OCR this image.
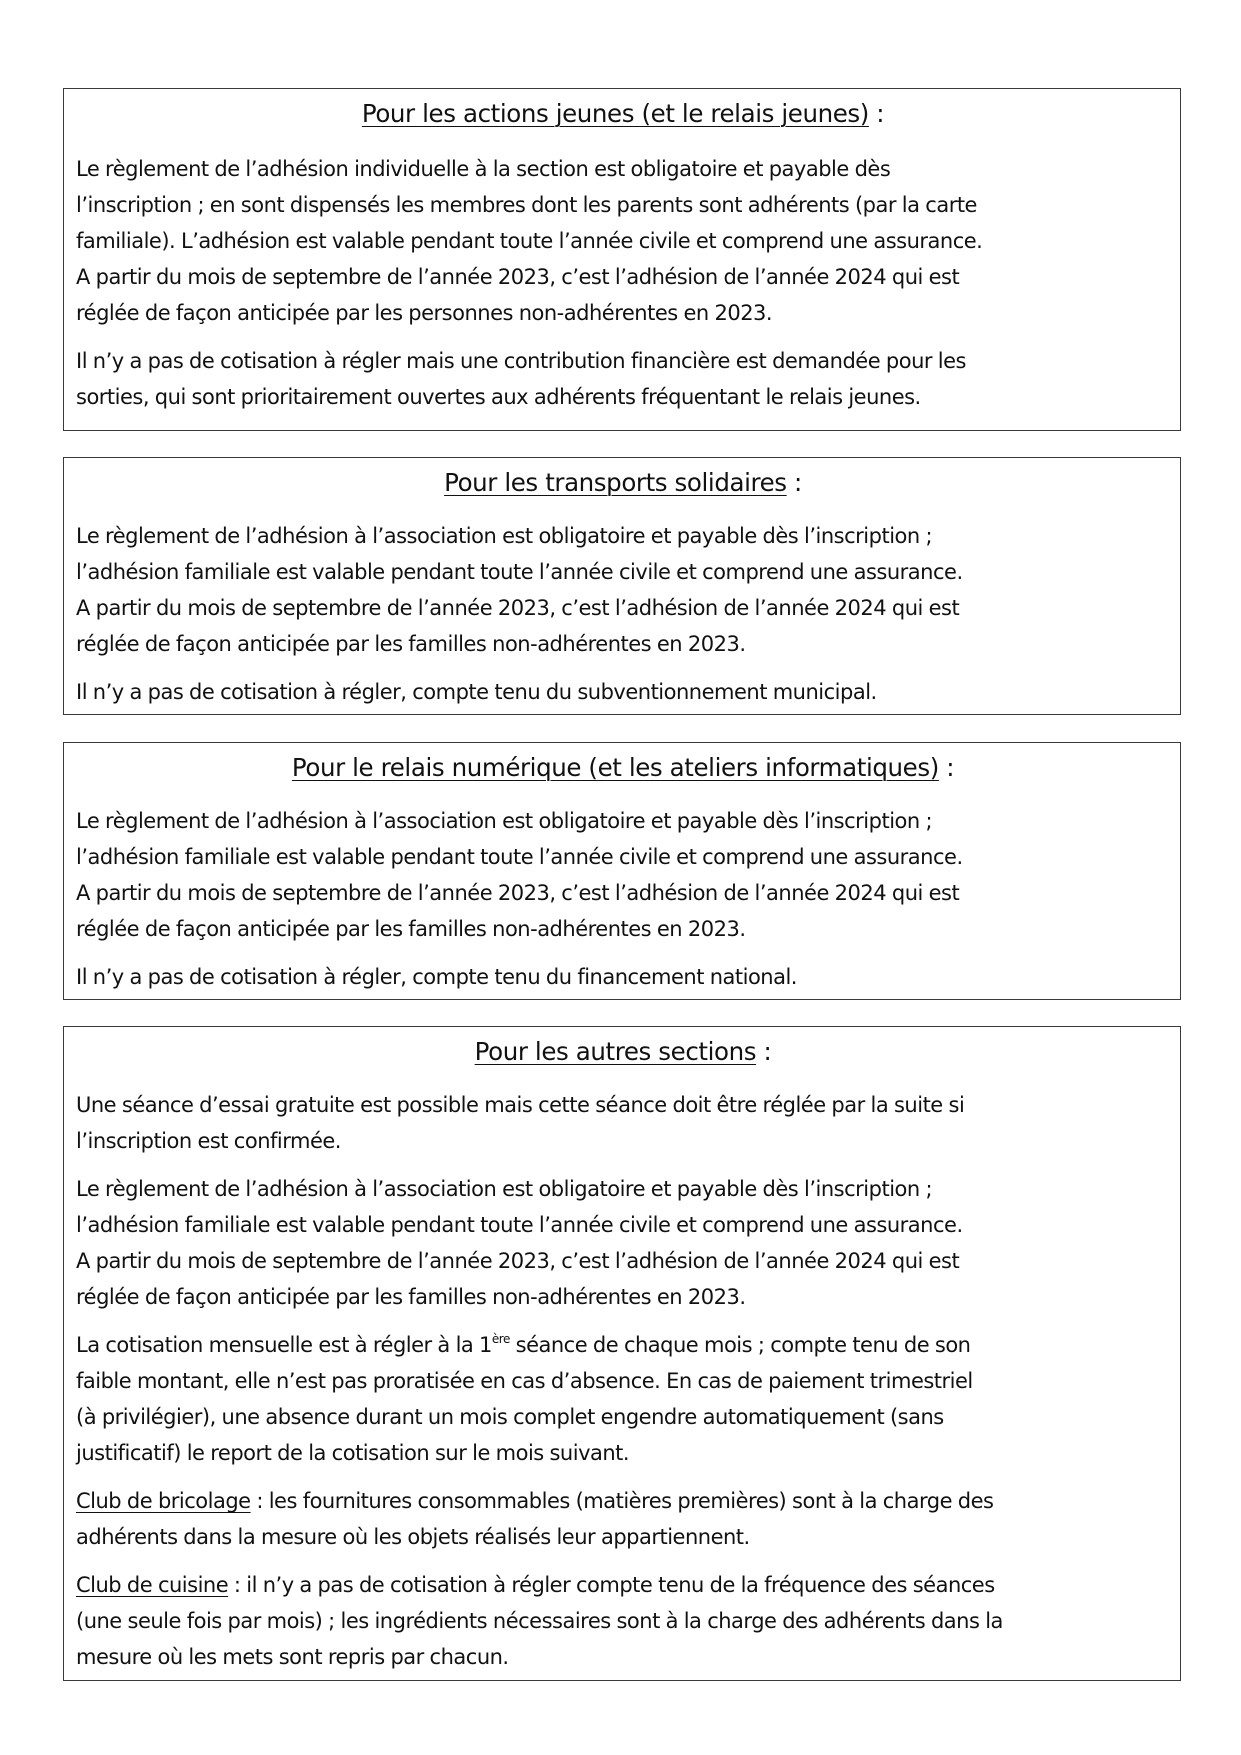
Pour les actions jeunes (et le relais jeunes) :
Le règlement de l’adhésion individuelle à la section est obligatoire et payable dès
l’inscription ; en sont dispensés les membres dont les parents sont adhérents (par la carte
familiale). L’adhésion est valable pendant toute l’année civile et comprend une assurance.
A partir du mois de septembre de l’année 2023, c’est l’adhésion de l’année 2024 qui est
réglée de façon anticipée par les personnes non-adhérentes en 2023.
Il n’y a pas de cotisation à régler mais une contribution financière est demandée pour les
sorties, qui sont prioritairement ouvertes aux adhérents fréquentant le relais jeunes.
Pour les transports solidaires :
Le règlement de l’adhésion à l’association est obligatoire et payable dès l’inscription ;
l’adhésion familiale est valable pendant toute l’année civile et comprend une assurance.
A partir du mois de septembre de l’année 2023, c’est l’adhésion de l’année 2024 qui est
réglée de façon anticipée par les familles non-adhérentes en 2023.
Il n’y a pas de cotisation à régler, compte tenu du subventionnement municipal.
Pour le relais numérique (et les ateliers informatiques) :
Le règlement de l’adhésion à l’association est obligatoire et payable dès l’inscription ;
l’adhésion familiale est valable pendant toute l’année civile et comprend une assurance.
A partir du mois de septembre de l’année 2023, c’est l’adhésion de l’année 2024 qui est
réglée de façon anticipée par les familles non-adhérentes en 2023.
Il n’y a pas de cotisation à régler, compte tenu du financement national.
Pour les autres sections :
Une séance d’essai gratuite est possible mais cette séance doit être réglée par la suite si
l’inscription est confirmée.
Le règlement de l’adhésion à l’association est obligatoire et payable dès l’inscription ;
l’adhésion familiale est valable pendant toute l’année civile et comprend une assurance.
A partir du mois de septembre de l’année 2023, c’est l’adhésion de l’année 2024 qui est
réglée de façon anticipée par les familles non-adhérentes en 2023.
La cotisation mensuelle est à régler à la 1ère séance de chaque mois ; compte tenu de son
faible montant, elle n’est pas proratisée en cas d’absence. En cas de paiement trimestriel
(à privilégier), une absence durant un mois complet engendre automatiquement (sans
justificatif) le report de la cotisation sur le mois suivant.
Club de bricolage : les fournitures consommables (matières premières) sont à la charge des
adhérents dans la mesure où les objets réalisés leur appartiennent.
Club de cuisine : il n’y a pas de cotisation à régler compte tenu de la fréquence des séances
(une seule fois par mois) ; les ingrédients nécessaires sont à la charge des adhérents dans la
mesure où les mets sont repris par chacun.
